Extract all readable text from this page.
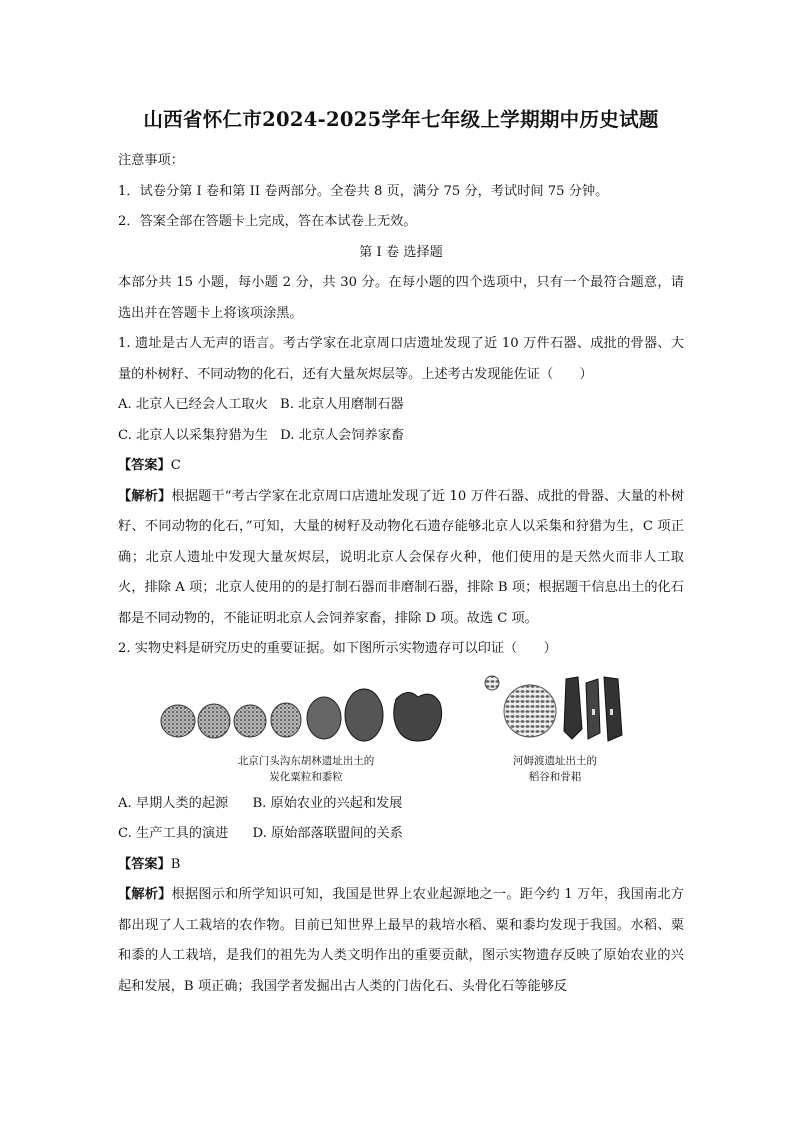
山西省怀仁市2024-2025学年七年级上学期期中历史试题
注意事项：
1．试卷分第 I 卷和第 II 卷两部分。全卷共 8 页，满分 75 分，考试时间 75 分钟。
2．答案全部在答题卡上完成，答在本试卷上无效。
第 I 卷 选择题
本部分共 15 小题，每小题 2 分，共 30 分。在每小题的四个选项中，只有一个最符合题意，请选出并在答题卡上将该项涂黑。
1. 遗址是古人无声的语言。考古学家在北京周口店遗址发现了近 10 万件石器、成批的骨器、大量的朴树籽、不同动物的化石，还有大量灰烬层等。上述考古发现能佐证（　　）
A. 北京人已经会人工取火 B. 北京人用磨制石器
C. 北京人以采集狩猎为生 D. 北京人会饲养家畜
【答案】C
【解析】根据题干“考古学家在北京周口店遗址发现了近 10 万件石器、成批的骨器、大量的朴树籽、不同动物的化石，”可知，大量的树籽及动物化石遗存能够北京人以采集和狩猎为生，C 项正确；北京人遗址中发现大量灰烬层，说明北京人会保存火种，他们使用的是天然火而非人工取火，排除 A 项；北京人使用的的是打制石器而非磨制石器，排除 B 项；根据题干信息出土的化石都是不同动物的，不能证明北京人会饲养家畜，排除 D 项。故选 C 项。
2. 实物史料是研究历史的重要证据。如下图所示实物遗存可以印证（　　）
北京门头沟东胡林遗址出土的
炭化粟粒和黍粒
河姆渡遗址出土的
稻谷和骨耜
A. 早期人类的起源 B. 原始农业的兴起和发展
C. 生产工具的演进 D. 原始部落联盟间的关系
【答案】B
【解析】根据图示和所学知识可知，我国是世界上农业起源地之一。距今约 1 万年，我国南北方都出现了人工栽培的农作物。目前已知世界上最早的栽培水稻、粟和黍均发现于我国。水稻、粟和黍的人工栽培，是我们的祖先为人类文明作出的重要贡献，图示实物遗存反映了原始农业的兴起和发展，B 项正确；我国学者发掘出古人类的门齿化石、头骨化石等能够反
